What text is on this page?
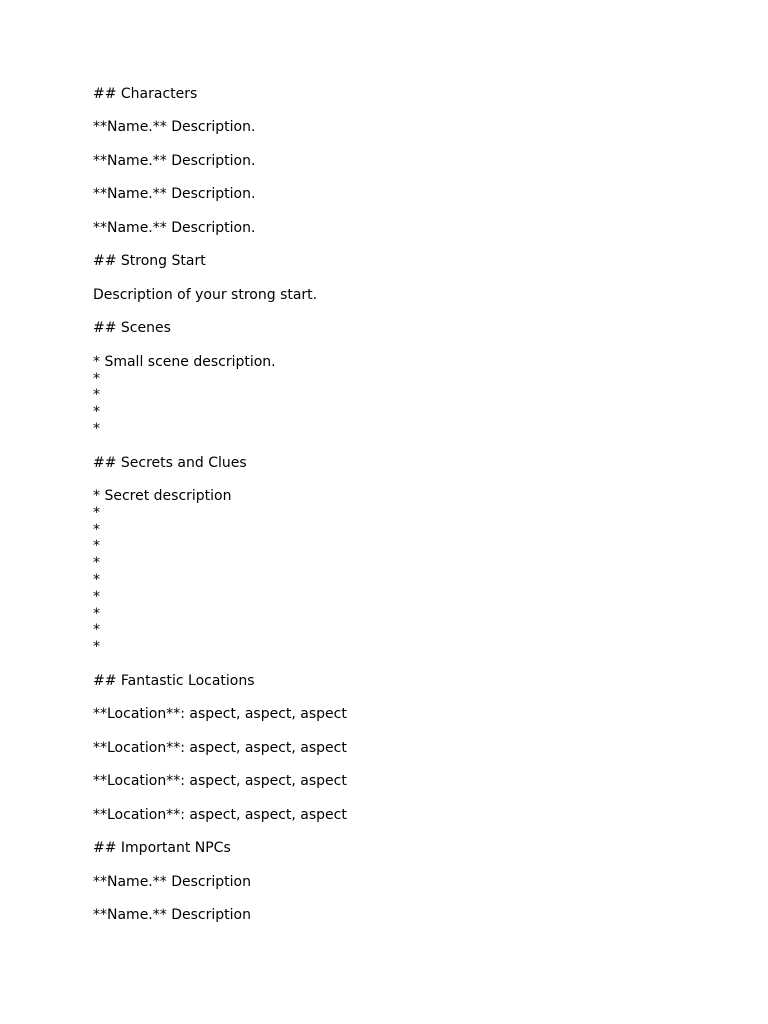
## Characters
**Name.** Description.
**Name.** Description.
**Name.** Description.
**Name.** Description.
## Strong Start
Description of your strong start.
## Scenes
* Small scene description.
*
*
*
*
## Secrets and Clues
* Secret description
*
*
*
*
*
*
*
*
*
## Fantastic Locations
**Location**: aspect, aspect, aspect
**Location**: aspect, aspect, aspect
**Location**: aspect, aspect, aspect
**Location**: aspect, aspect, aspect
## Important NPCs
**Name.** Description
**Name.** Description
